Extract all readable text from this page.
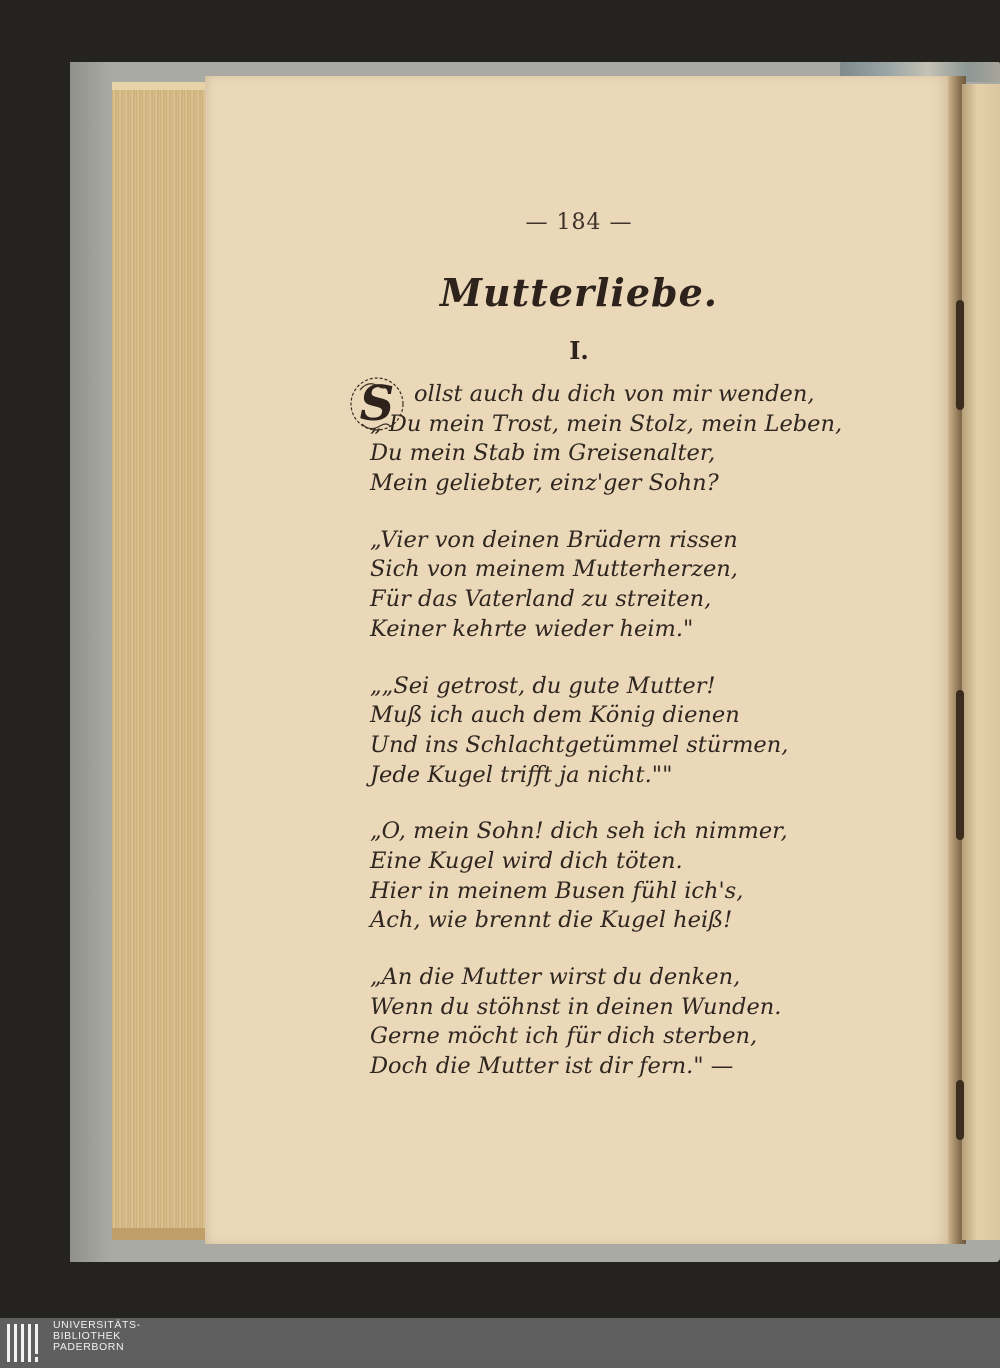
— 184 —
Mutterliebe.
I.
S ollst auch du dich von mir wenden,
„ Du mein Trost, mein Stolz, mein Leben,
Du mein Stab im Greisenalter,
Mein geliebter, einz'ger Sohn?
„Vier von deinen Brüdern rissen
Sich von meinem Mutterherzen,
Für das Vaterland zu streiten,
Keiner kehrte wieder heim."
„„Sei getrost, du gute Mutter!
Muß ich auch dem König dienen
Und ins Schlachtgetümmel stürmen,
Jede Kugel trifft ja nicht.""
„O, mein Sohn! dich seh ich nimmer,
Eine Kugel wird dich töten.
Hier in meinem Busen fühl ich's,
Ach, wie brennt die Kugel heiß!
„An die Mutter wirst du denken,
Wenn du stöhnst in deinen Wunden.
Gerne möcht ich für dich sterben,
Doch die Mutter ist dir fern." —
UNIVERSITÄTS-
BIBLIOTHEK
PADERBORN
